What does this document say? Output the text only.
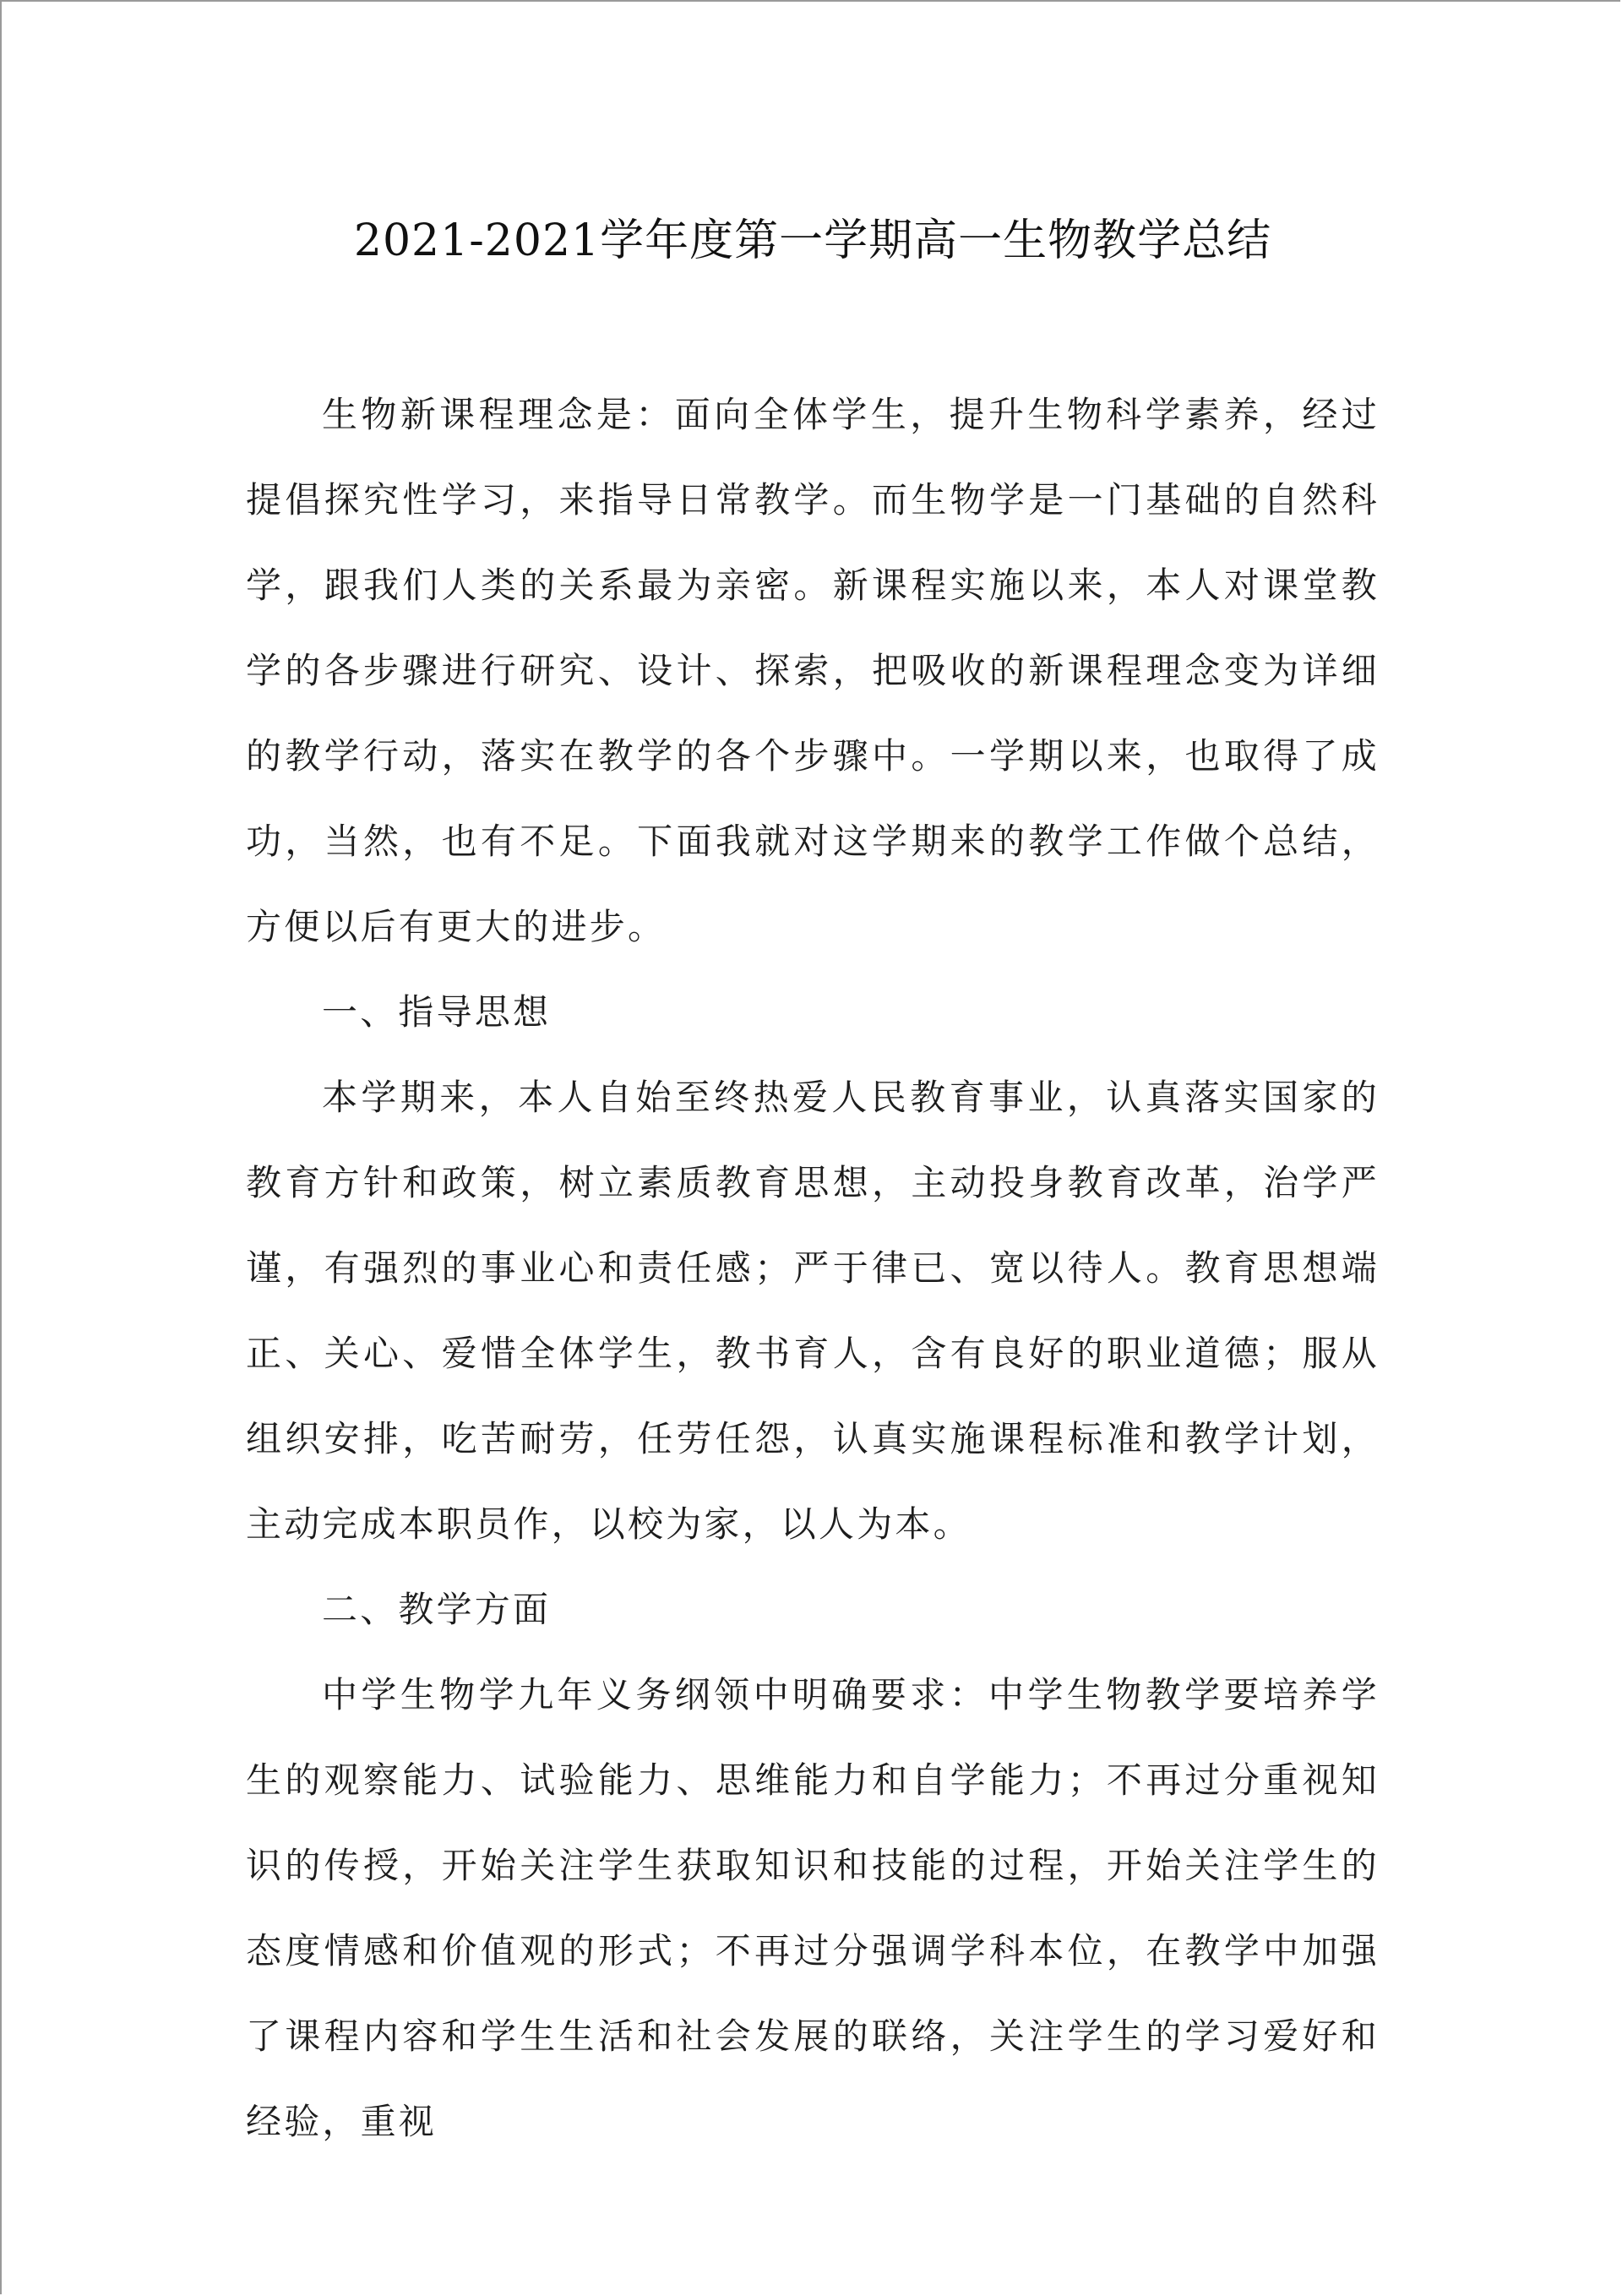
2021-2021学年度第一学期高一生物教学总结

生物新课程理念是：面向全体学生，提升生物科学素养，经过提倡探究性学习，来指导日常教学。而生物学是一门基础的自然科学，跟我们人类的关系最为亲密。新课程实施以来，本人对课堂教学的各步骤进行研究、设计、探索，把吸收的新课程理念变为详细的教学行动，落实在教学的各个步骤中。一学期以来，也取得了成功，当然，也有不足。下面我就对这学期来的教学工作做个总结，方便以后有更大的进步。

一、指导思想

本学期来，本人自始至终热爱人民教育事业，认真落实国家的教育方针和政策，树立素质教育思想，主动投身教育改革，治学严谨，有强烈的事业心和责任感；严于律已、宽以待人。教育思想端正、关心、爱惜全体学生，教书育人，含有良好的职业道德；服从组织安排，吃苦耐劳，任劳任怨，认真实施课程标准和教学计划，主动完成本职员作，以校为家，以人为本。

二、教学方面

中学生物学九年义务纲领中明确要求：中学生物教学要培养学生的观察能力、试验能力、思维能力和自学能力；不再过分重视知识的传授，开始关注学生获取知识和技能的过程，开始关注学生的态度情感和价值观的形式；不再过分强调学科本位，在教学中加强了课程内容和学生生活和社会发展的联络，关注学生的学习爱好和经验，重视
